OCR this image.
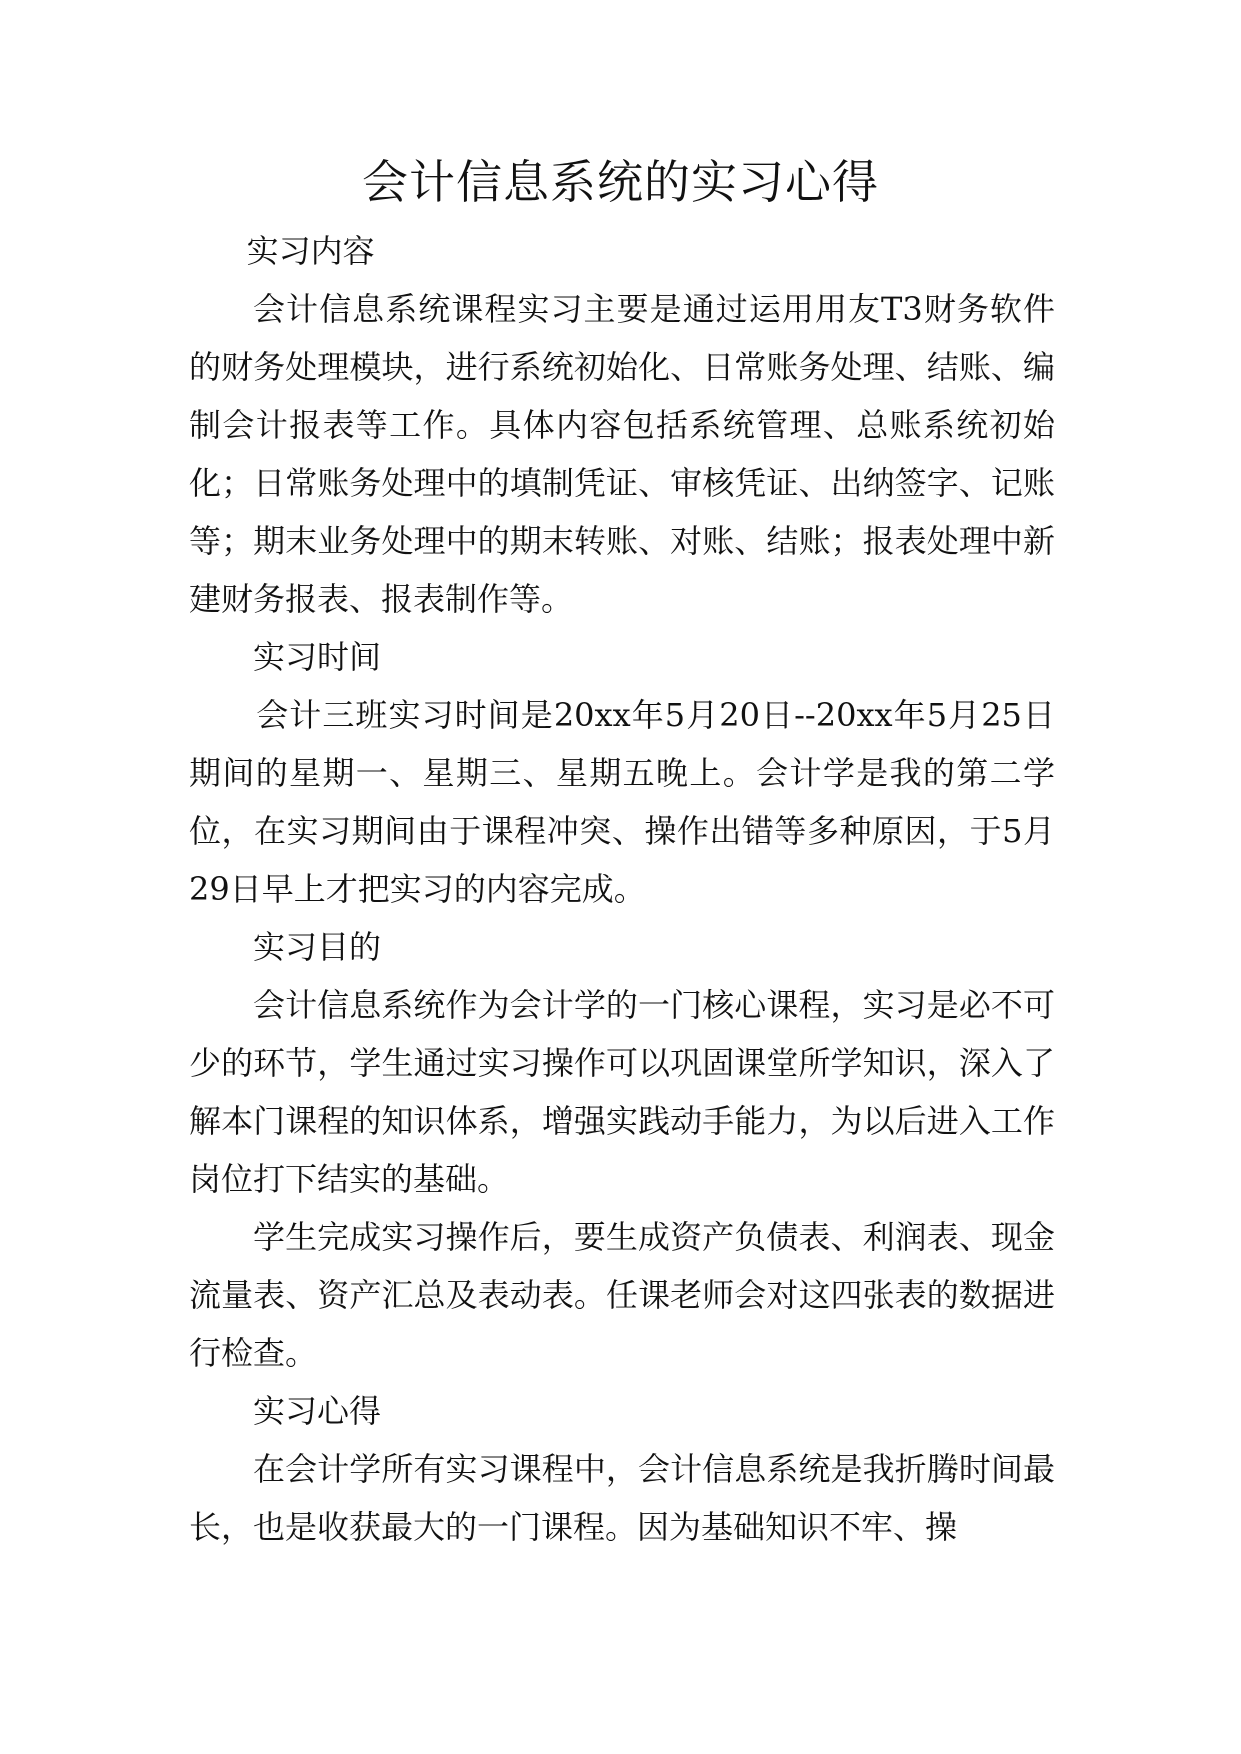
会计信息系统的实习心得

实习内容

会计信息系统课程实习主要是通过运用用友T3财务软件的财务处理模块，进行系统初始化、日常账务处理、结账、编制会计报表等工作。具体内容包括系统管理、总账系统初始化；日常账务处理中的填制凭证、审核凭证、出纳签字、记账等；期末业务处理中的期末转账、对账、结账；报表处理中新建财务报表、报表制作等。

实习时间

会计三班实习时间是20xx年5月20日--20xx年5月25日期间的星期一、星期三、星期五晚上。会计学是我的第二学位，在实习期间由于课程冲突、操作出错等多种原因，于5月29日早上才把实习的内容完成。

实习目的

会计信息系统作为会计学的一门核心课程，实习是必不可少的环节，学生通过实习操作可以巩固课堂所学知识，深入了解本门课程的知识体系，增强实践动手能力，为以后进入工作岗位打下结实的基础。

学生完成实习操作后，要生成资产负债表、利润表、现金流量表、资产汇总及表动表。任课老师会对这四张表的数据进行检查。

实习心得

在会计学所有实习课程中，会计信息系统是我折腾时间最长，也是收获最大的一门课程。因为基础知识不牢、操
